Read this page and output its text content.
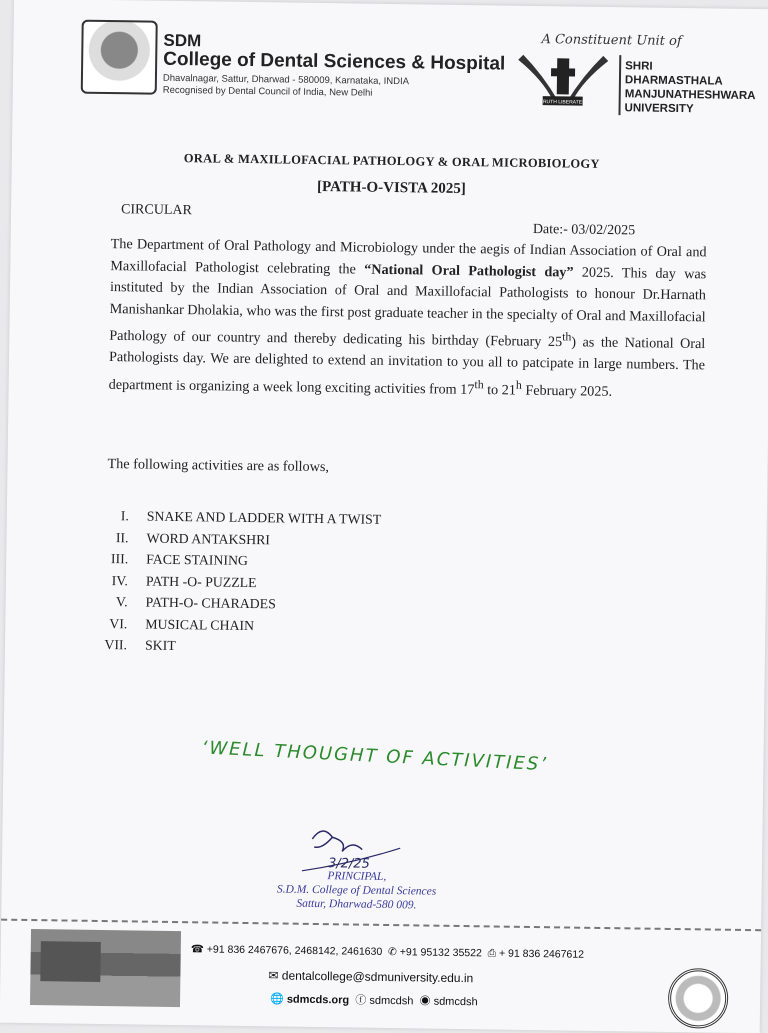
SDM
College of Dental Sciences & Hospital
Dhavalnagar, Sattur, Dharwad - 580009, Karnataka, INDIA
Recognised by Dental Council of India, New Delhi
A Constituent Unit of
TRUTH LIBERATES
SHRI
DHARMASTHALA
MANJUNATHESHWARA
UNIVERSITY
ORAL & MAXILLOFACIAL PATHOLOGY & ORAL MICROBIOLOGY
[PATH-O-VISTA 2025]
CIRCULAR
Date:- 03/02/2025
The Department of Oral Pathology and Microbiology under the aegis of Indian Association of Oral and Maxillofacial Pathologist celebrating the “National Oral Pathologist day” 2025. This day was instituted by the Indian Association of Oral and Maxillofacial Pathologists to honour Dr.Harnath Manishankar Dholakia, who was the first post graduate teacher in the specialty of Oral and Maxillofacial Pathology of our country and thereby dedicating his birthday (February 25th) as the National Oral Pathologists day. We are delighted to extend an invitation to you all to patcipate in large numbers. The department is organizing a week long exciting activities from 17th to 21$^h$ February 2025.
The following activities are as follows,
I. SNAKE AND LADDER WITH A TWIST
II. WORD ANTAKSHRI
III. FACE STAINING
IV. PATH -O- PUZZLE
V. PATH-O- CHARADES
VI. MUSICAL CHAIN
VII. SKIT
‘WELL THOUGHT OF ACTIVITIES’
3/2/25
PRINCIPAL,
S.D.M. College of Dental Sciences
Sattur, Dharwad-580 009.
☎ +91 836 2467676, 2468142, 2461630 ✆ +91 95132 35522 ⎙ + 91 836 2467612
✉ dentalcollege@sdmuniversity.edu.in
🌐 sdmcds.org ⓕ sdmcdsh ◉ sdmcdsh
